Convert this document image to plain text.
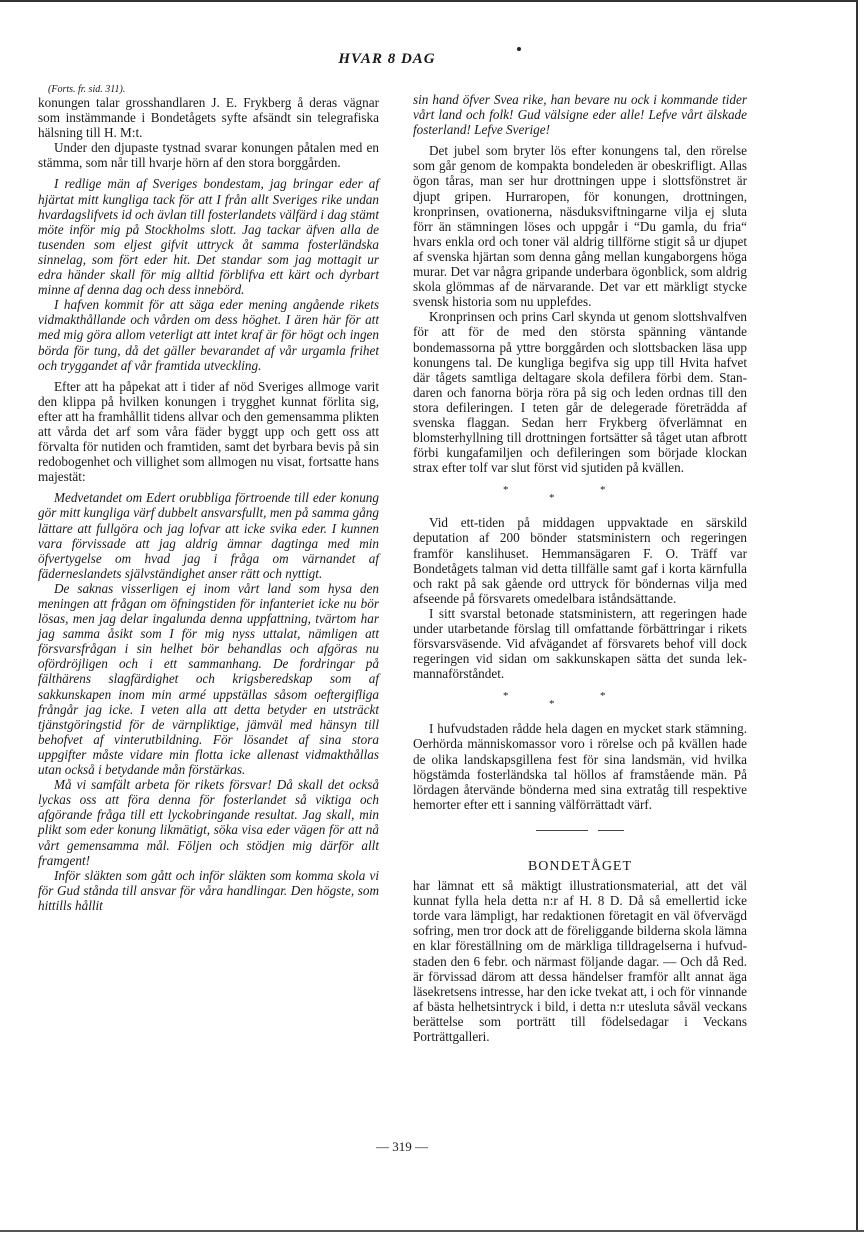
HVAR 8 DAG
(Forts. fr. sid. 311).

konungen talar grosshandlaren J. E. Frykberg å deras vägnar som instämmande i Bondetågets syfte afsändt sin telegrafiska hälsning till H. M:t.

Under den djupaste tystnad svarar konungen påtalen med en stämma, som når till hvarje hörn af den stora borggården.

I redlige män af Sveriges bondestam, jag bringar eder af hjärtat mitt kungliga tack för att I från allt Sveriges rike undan hvardagslifvets id och ävlan till fosterlandets välfärd i dag stämt möte inför mig på Stockholms slott. Jag tackar äfven alla de tusenden som eljest gifvit uttryck åt samma fosterländska sinnelag, som fört eder hit. Det standar som jag mottagit ur edra händer skall för mig alltid förblifva ett kärt och dyrbart minne af denna dag och dess innebörd.

I hafven kommit för att säga eder mening angående rikets vidmakthållande och vården om dess höghet. I ären här för att med mig göra allom veterligt att intet kraf är för högt och ingen börda för tung, då det gäller bevarandet af vår urgamla frihet och tryggandet af vår framtida utveckling.

Efter att ha påpekat att i tider af nöd Sveriges allmoge varit den klippa på hvilken konungen i trygghet kunnat förlita sig, efter att ha framhållit tidens allvar och den gemensamma plikten att vårda det arf som våra fäder byggt upp och gett oss att förvalta för nutiden och framtiden, samt det byrbara bevis på sin redobogenhet och villighet som allmogen nu visat, fortsatte hans majestät:

Medvetandet om Edert orubbliga förtroende till eder konung gör mitt kungliga värf dubbelt ansvarsfullt, men på samma gång lättare att fullgöra och jag lofvar att icke svika eder. I kunnen vara förvissade att jag aldrig ämnar dagtinga med min öfvertygelse om hvad jag i fråga om värnandet af fäderneslandets självständighet anser rätt och nyttigt.

De saknas visserligen ej inom vårt land som hysa den meningen att frågan om öfningstiden för infanteriet icke nu bör lösas, men jag delar ingalunda denna uppfattning, tvärtom har jag samma åsikt som I för mig nyss uttalat, nämligen att försvarsfrågan i sin helhet bör behandlas och afgöras nu ofördröjligen och i ett sammanhang. De fordringar på fälthärens slagfärdighet och krigsberedskap som af sakkunskapen inom min armé uppställas såsom oeftergifliga frångår jag icke. I veten alla att detta betyder en utsträckt tjänstgöringstid för de värnpliktige, jämväl med hänsyn till behofvet af vinterutbildning. För lösandet af sina stora uppgifter måste vidare min flotta icke allenast vidmakthållas utan också i betydande mån förstärkas.

Må vi samfält arbeta för rikets försvar! Då skall det också lyckas oss att föra denna för fosterlandet så viktiga och afgörande fråga till ett lyckobringande resultat. Jag skall, min plikt som eder konung likmätigt, söka visa eder vägen för att nå vårt gemensamma mål. Följen och stödjen mig därför allt framgent!

Inför släkten som gått och inför släkten som komma skola vi för Gud stånda till ansvar för våra handlingar. Den högste, som hittills hållit

sin hand öfver Svea rike, han bevare nu ock i kommande tider vårt land och folk! Gud välsigne eder alle! Lefve vårt älskade fosterland! Lefve Sverige!

Det jubel som bryter lös efter konungens tal, den rörelse som går genom de kompakta bondeleden är obeskrifligt. Allas ögon tåras, man ser hur drottningen uppe i slottsfönstret är djupt gripen. Hurraropen, för konungen, drottningen, kronprinsen, ovationerna, näsduksviftningarne vilja ej sluta förr än stämningen löses och uppgår i “Du gamla, du fria“ hvars enkla ord och toner väl aldrig tillförne stigit så ur djupet af svenska hjärtan som denna gång mellan kungaborgens höga murar. Det var några gripande underbara ögonblick, som aldrig skola glömmas af de närvarande. Det var ett märkligt stycke svensk historia som nu upplefdes.

Kronprinsen och prins Carl skynda ut genom slottshvalfven för att för de med den största spänning väntande bondemassorna på yttre borggården och slottsbacken läsa upp konungens tal. De kungliga begifva sig upp till Hvita hafvet där tågets samtliga deltagare skola defilera förbi dem. Standaren och fanorna börja röra på sig och leden ordnas till den stora defileringen. I teten går de delegerade företrädda af svenska flaggan. Sedan herr Frykberg öfverlämnat en blomsterhyllning till drottningen fortsätter så tåget utan afbrott förbi kungafamiljen och defileringen som började klockan strax efter tolf var slut först vid sjutiden på kvällen.

*	*
*

Vid ett-tiden på middagen uppvaktade en särskild deputation af 200 bönder statsministern och regeringen framför kanslihuset. Hemmansägaren F. O. Träff var Bondetågets talman vid detta tillfälle samt gaf i korta kärnfulla och rakt på sak gående ord uttryck för böndernas vilja med afseende på försvarets omedelbara iståndsättande.

I sitt svarstal betonade statsministern, att regeringen hade under utarbetande förslag till omfattande förbättringar i rikets försvarsväsende. Vid afvägandet af försvarets behof vill dock regeringen vid sidan om sakkunskapen sätta det sunda lekmannaförståndet.

*	*
*

I hufvudstaden rådde hela dagen en mycket stark stämning. Oerhörda människomassor voro i rörelse och på kvällen hade de olika landskapsgillena fest för sina landsmän, vid hvilka högstämda fosterländska tal höllos af framstående män. På lördagen återvände bönderna med sina extratåg till respektive hemorter efter ett i sanning välförrättadt värf.

BONDETÅGET

har lämnat ett så mäktigt illustrationsmaterial, att det väl kunnat fylla hela detta n:r af H. 8 D. Då så emellertid icke torde vara lämpligt, har redaktionen företagit en väl öfvervägd sofring, men tror dock att de föreliggande bilderna skola lämna en klar föreställning om de märkliga tilldragelserna i hufvudstaden den 6 febr. och närmast följande dagar. — Och då Red. är förvissad därom att dessa händelser framför allt annat äga läsekretsens intresse, har den icke tvekat att, i och för vinnande af bästa helhetsintryck i bild, i detta n:r utesluta såväl veckans berättelse som porträtt till födelsedagar i Veckans Porträttgalleri.

— 319 —
